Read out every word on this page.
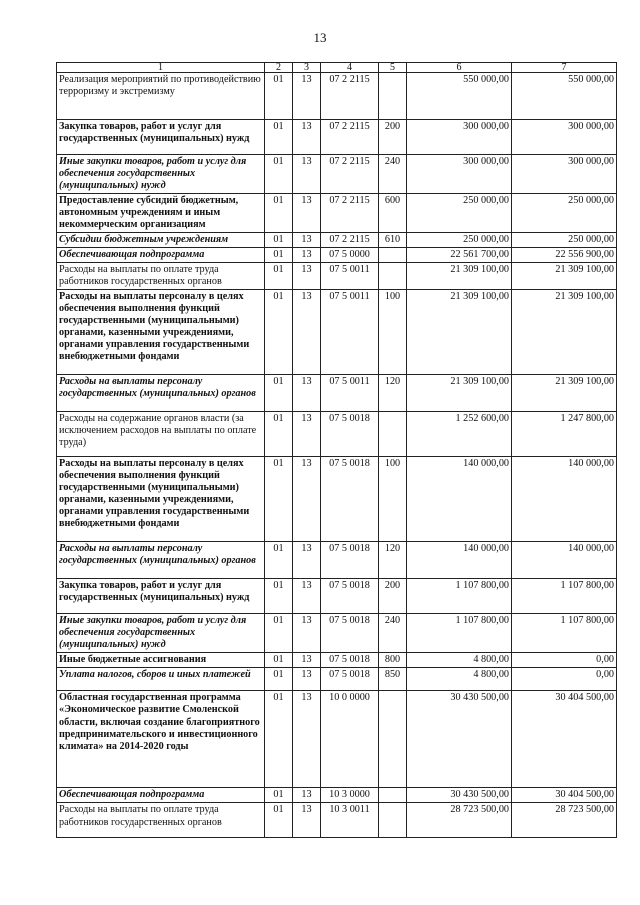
13
1	2	3	4	5	6	7
Реализация мероприятий по противодействию терроризму и экстремизму	01	13	07 2 2115		550 000,00	550 000,00
Закупка товаров, работ и услуг для государственных (муниципальных) нужд	01	13	07 2 2115	200	300 000,00	300 000,00
Иные закупки товаров, работ и услуг для обеспечения государственных (муниципальных) нужд	01	13	07 2 2115	240	300 000,00	300 000,00
Предоставление субсидий бюджетным, автономным учреждениям и иным некоммерческим организациям	01	13	07 2 2115	600	250 000,00	250 000,00
Субсидии бюджетным учреждениям	01	13	07 2 2115	610	250 000,00	250 000,00
Обеспечивающая подпрограмма	01	13	07 5 0000		22 561 700,00	22 556 900,00
Расходы на выплаты по оплате труда работников государственных органов	01	13	07 5 0011		21 309 100,00	21 309 100,00
Расходы на выплаты персоналу в целях обеспечения выполнения функций государственными (муниципальными) органами, казенными учреждениями, органами управления государственными внебюджетными фондами	01	13	07 5 0011	100	21 309 100,00	21 309 100,00
Расходы на выплаты персоналу государственных (муниципальных) органов	01	13	07 5 0011	120	21 309 100,00	21 309 100,00
Расходы на содержание органов власти (за исключением расходов на выплаты по оплате труда)	01	13	07 5 0018		1 252 600,00	1 247 800,00
Расходы на выплаты персоналу в целях обеспечения выполнения функций государственными (муниципальными) органами, казенными учреждениями, органами управления государственными внебюджетными фондами	01	13	07 5 0018	100	140 000,00	140 000,00
Расходы на выплаты персоналу государственных (муниципальных) органов	01	13	07 5 0018	120	140 000,00	140 000,00
Закупка товаров, работ и услуг для государственных (муниципальных) нужд	01	13	07 5 0018	200	1 107 800,00	1 107 800,00
Иные закупки товаров, работ и услуг для обеспечения государственных (муниципальных) нужд	01	13	07 5 0018	240	1 107 800,00	1 107 800,00
Иные бюджетные ассигнования	01	13	07 5 0018	800	4 800,00	0,00
Уплата налогов, сборов и иных платежей	01	13	07 5 0018	850	4 800,00	0,00
Областная государственная программа «Экономическое развитие Смоленской области, включая создание благоприятного предпринимательского и инвестиционного климата» на 2014-2020 годы	01	13	10 0 0000		30 430 500,00	30 404 500,00
Обеспечивающая подпрограмма	01	13	10 3 0000		30 430 500,00	30 404 500,00
Расходы на выплаты по оплате труда работников государственных органов	01	13	10 3 0011		28 723 500,00	28 723 500,00
